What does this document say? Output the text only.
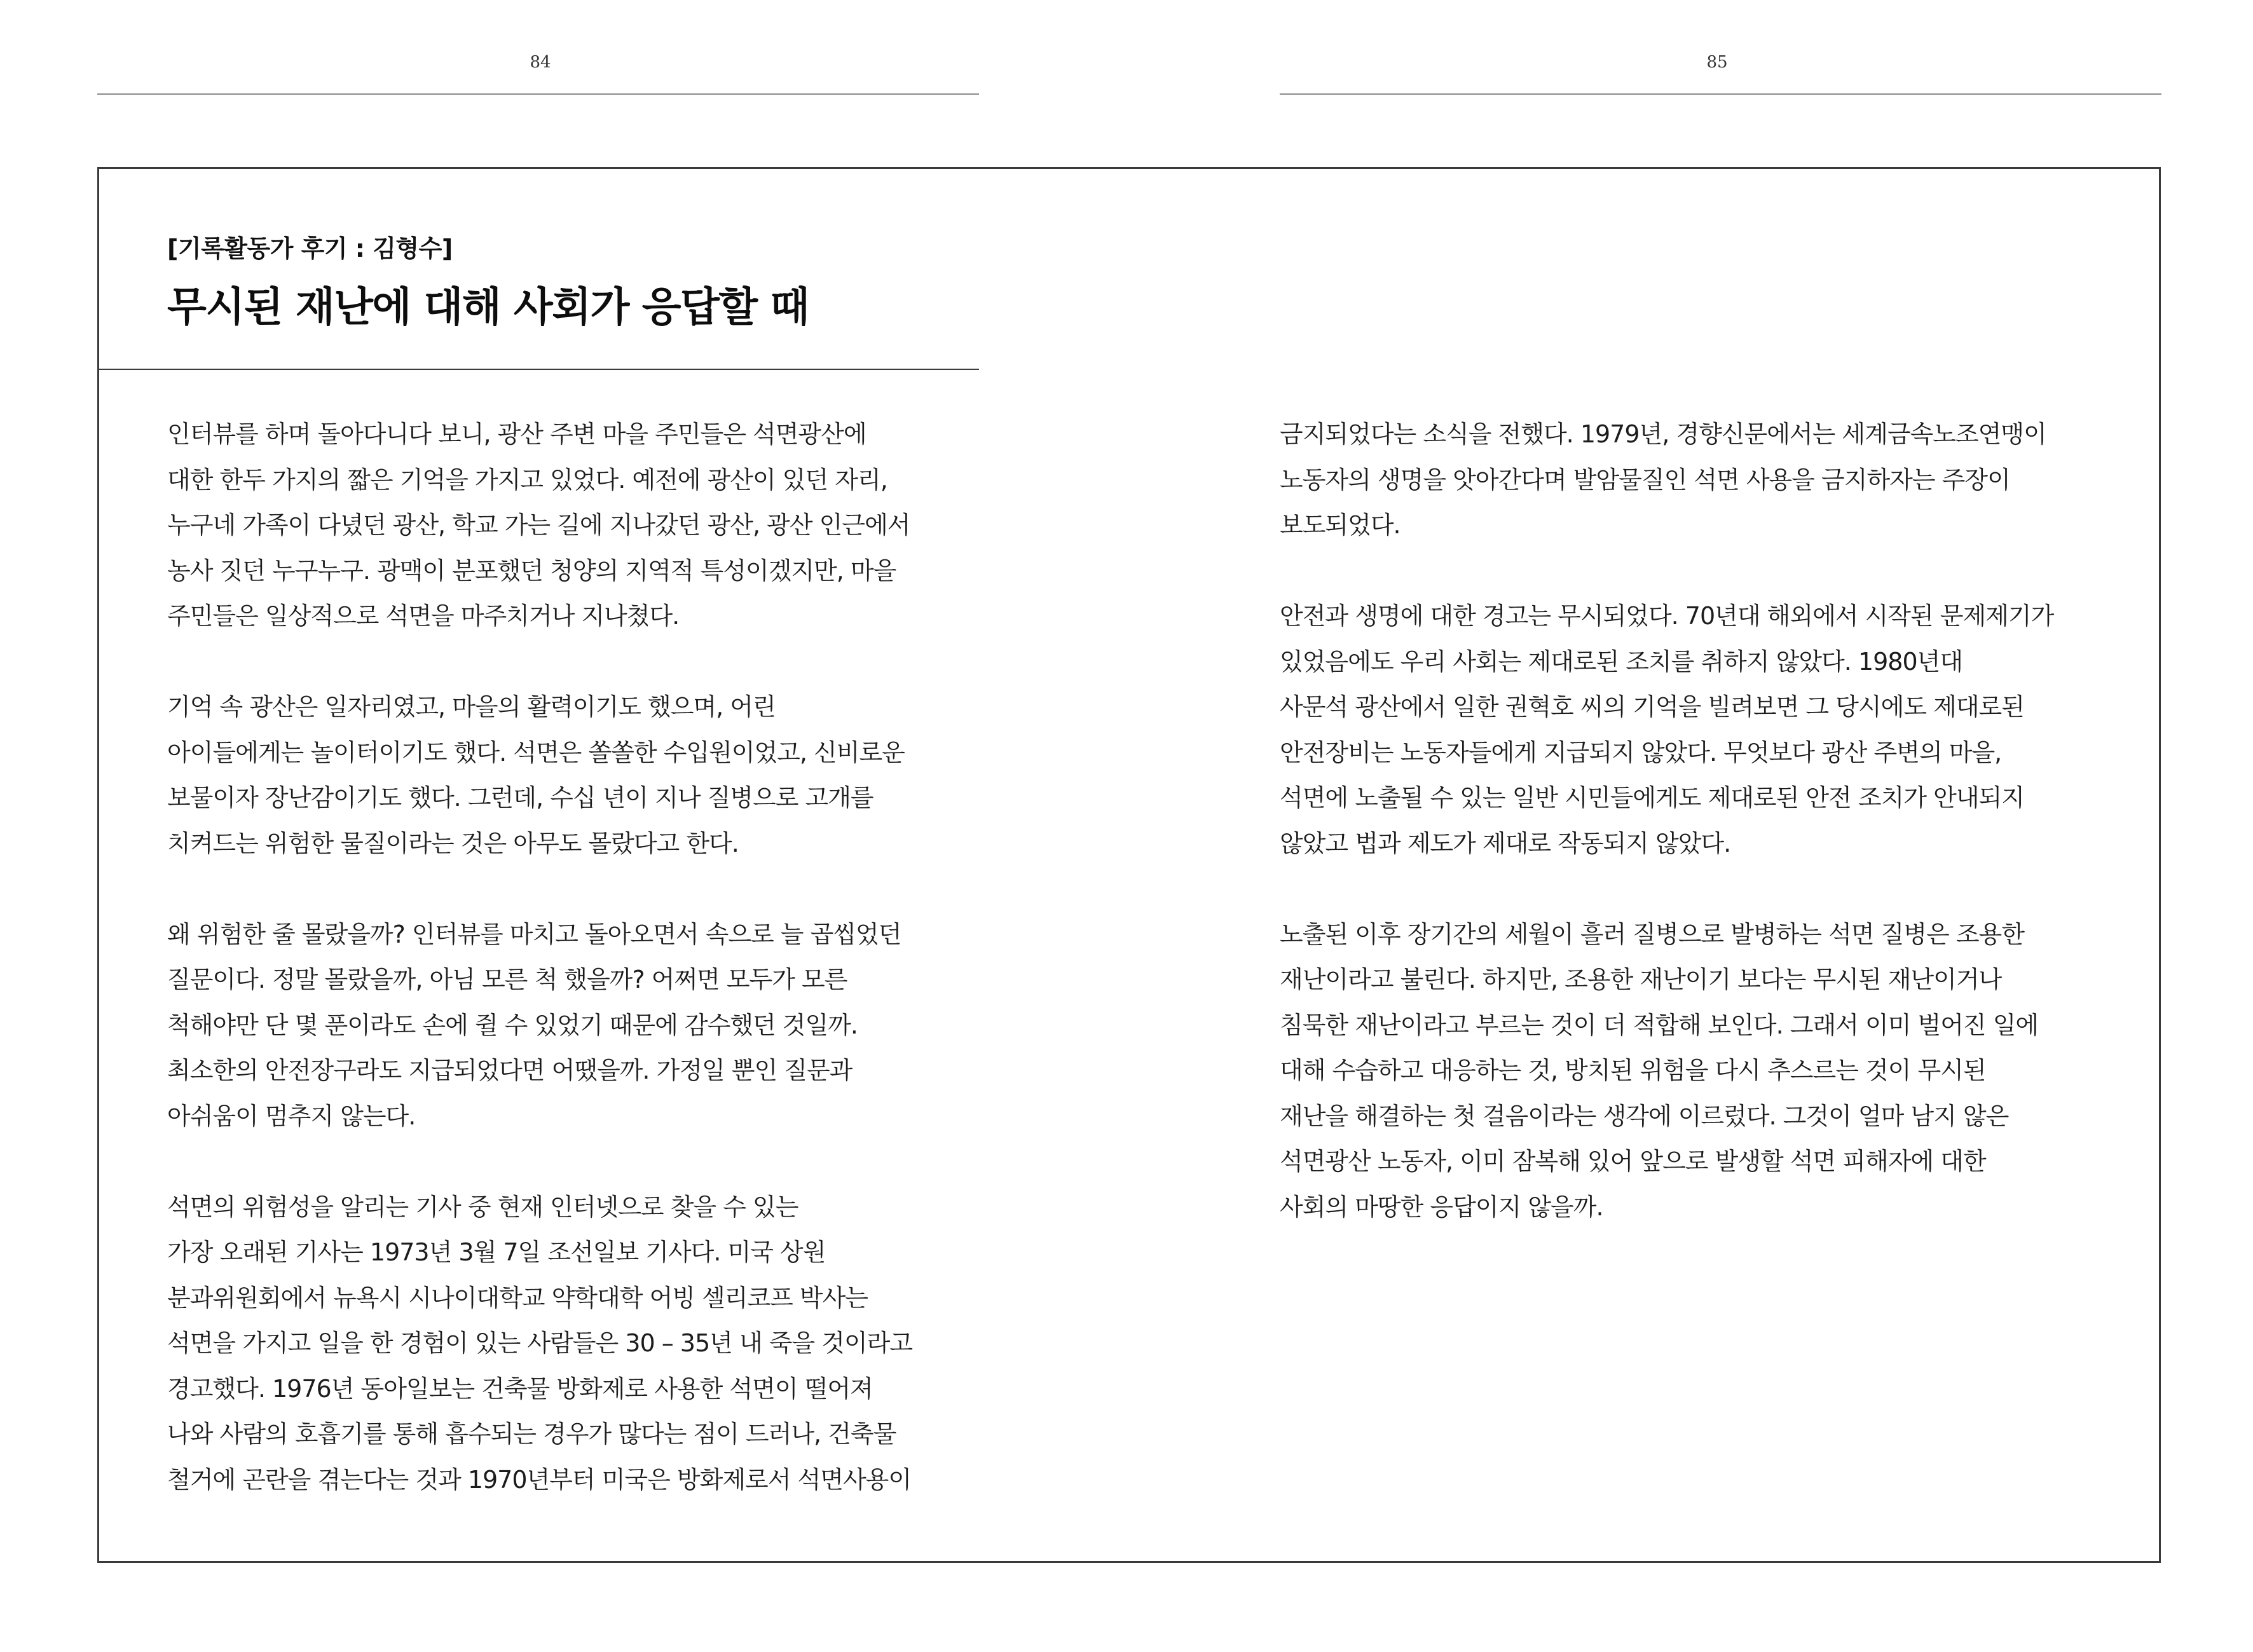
84	85
[기록활동가 후기 : 김형수]
무시된 재난에 대해 사회가 응답할 때
인터뷰를 하며 돌아다니다 보니, 광산 주변 마을 주민들은 석면광산에
대한 한두 가지의 짧은 기억을 가지고 있었다. 예전에 광산이 있던 자리,
누구네 가족이 다녔던 광산, 학교 가는 길에 지나갔던 광산, 광산 인근에서
농사 짓던 누구누구. 광맥이 분포했던 청양의 지역적 특성이겠지만, 마을
주민들은 일상적으로 석면을 마주치거나 지나쳤다.
기억 속 광산은 일자리였고, 마을의 활력이기도 했으며, 어린
아이들에게는 놀이터이기도 했다. 석면은 쏠쏠한 수입원이었고, 신비로운
보물이자 장난감이기도 했다. 그런데, 수십 년이 지나 질병으로 고개를
치켜드는 위험한 물질이라는 것은 아무도 몰랐다고 한다.
왜 위험한 줄 몰랐을까? 인터뷰를 마치고 돌아오면서 속으로 늘 곱씹었던
질문이다. 정말 몰랐을까, 아님 모른 척 했을까? 어쩌면 모두가 모른
척해야만 단 몇 푼이라도 손에 쥘 수 있었기 때문에 감수했던 것일까.
최소한의 안전장구라도 지급되었다면 어땠을까. 가정일 뿐인 질문과
아쉬움이 멈추지 않는다.
석면의 위험성을 알리는 기사 중 현재 인터넷으로 찾을 수 있는
가장 오래된 기사는 1973년 3월 7일 조선일보 기사다. 미국 상원
분과위원회에서 뉴욕시 시나이대학교 약학대학 어빙 셀리코프 박사는
석면을 가지고 일을 한 경험이 있는 사람들은 30 – 35년 내 죽을 것이라고
경고했다. 1976년 동아일보는 건축물 방화제로 사용한 석면이 떨어져
나와 사람의 호흡기를 통해 흡수되는 경우가 많다는 점이 드러나, 건축물
철거에 곤란을 겪는다는 것과 1970년부터 미국은 방화제로서 석면사용이
금지되었다는 소식을 전했다. 1979년, 경향신문에서는 세계금속노조연맹이
노동자의 생명을 앗아간다며 발암물질인 석면 사용을 금지하자는 주장이
보도되었다.
안전과 생명에 대한 경고는 무시되었다. 70년대 해외에서 시작된 문제제기가
있었음에도 우리 사회는 제대로된 조치를 취하지 않았다. 1980년대
사문석 광산에서 일한 권혁호 씨의 기억을 빌려보면 그 당시에도 제대로된
안전장비는 노동자들에게 지급되지 않았다. 무엇보다 광산 주변의 마을,
석면에 노출될 수 있는 일반 시민들에게도 제대로된 안전 조치가 안내되지
않았고 법과 제도가 제대로 작동되지 않았다.
노출된 이후 장기간의 세월이 흘러 질병으로 발병하는 석면 질병은 조용한
재난이라고 불린다. 하지만, 조용한 재난이기 보다는 무시된 재난이거나
침묵한 재난이라고 부르는 것이 더 적합해 보인다. 그래서 이미 벌어진 일에
대해 수습하고 대응하는 것, 방치된 위험을 다시 추스르는 것이 무시된
재난을 해결하는 첫 걸음이라는 생각에 이르렀다. 그것이 얼마 남지 않은
석면광산 노동자, 이미 잠복해 있어 앞으로 발생할 석면 피해자에 대한
사회의 마땅한 응답이지 않을까.
